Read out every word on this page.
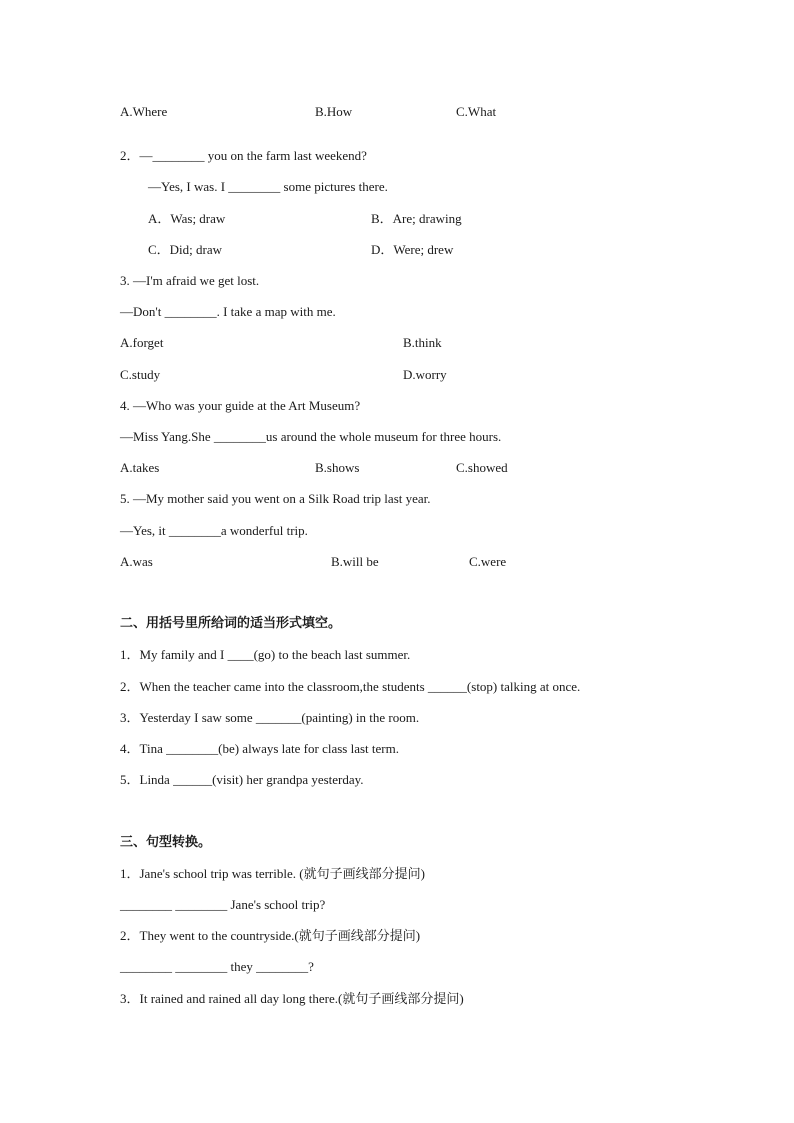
A.Where	B.How	C.What
2．—________ you on the farm last weekend?
—Yes, I was. I ________ some pictures there.
A．Was; draw	B．Are; drawing
C．Did; draw	D．Were; drew
3. —I'm afraid we get lost.
—Don't ________. I take a map with me.
A.forget	B.think
C.study	D.worry
4. —Who was your guide at the Art Museum?
—Miss Yang.She ________us around the whole museum for three hours.
A.takes	B.shows	C.showed
5. —My mother said you went on a Silk Road trip last year.
—Yes, it ________a wonderful trip.
A.was	B.will be	C.were
二、用括号里所给词的适当形式填空。
1．My family and I ____(go) to the beach last summer.
2．When the teacher came into the classroom,the students ______(stop) talking at once.
3．Yesterday I saw some _______(painting) in the room.
4．Tina ________(be) always late for class last term.
5．Linda ______(visit) her grandpa yesterday.
三、句型转换。
1．Jane's school trip was terrible. (就句子画线部分提问)
________ ________ Jane's school trip?
2．They went to the countryside.(就句子画线部分提问)
________ ________ they ________?
3．It rained and rained all day long there.(就句子画线部分提问)
